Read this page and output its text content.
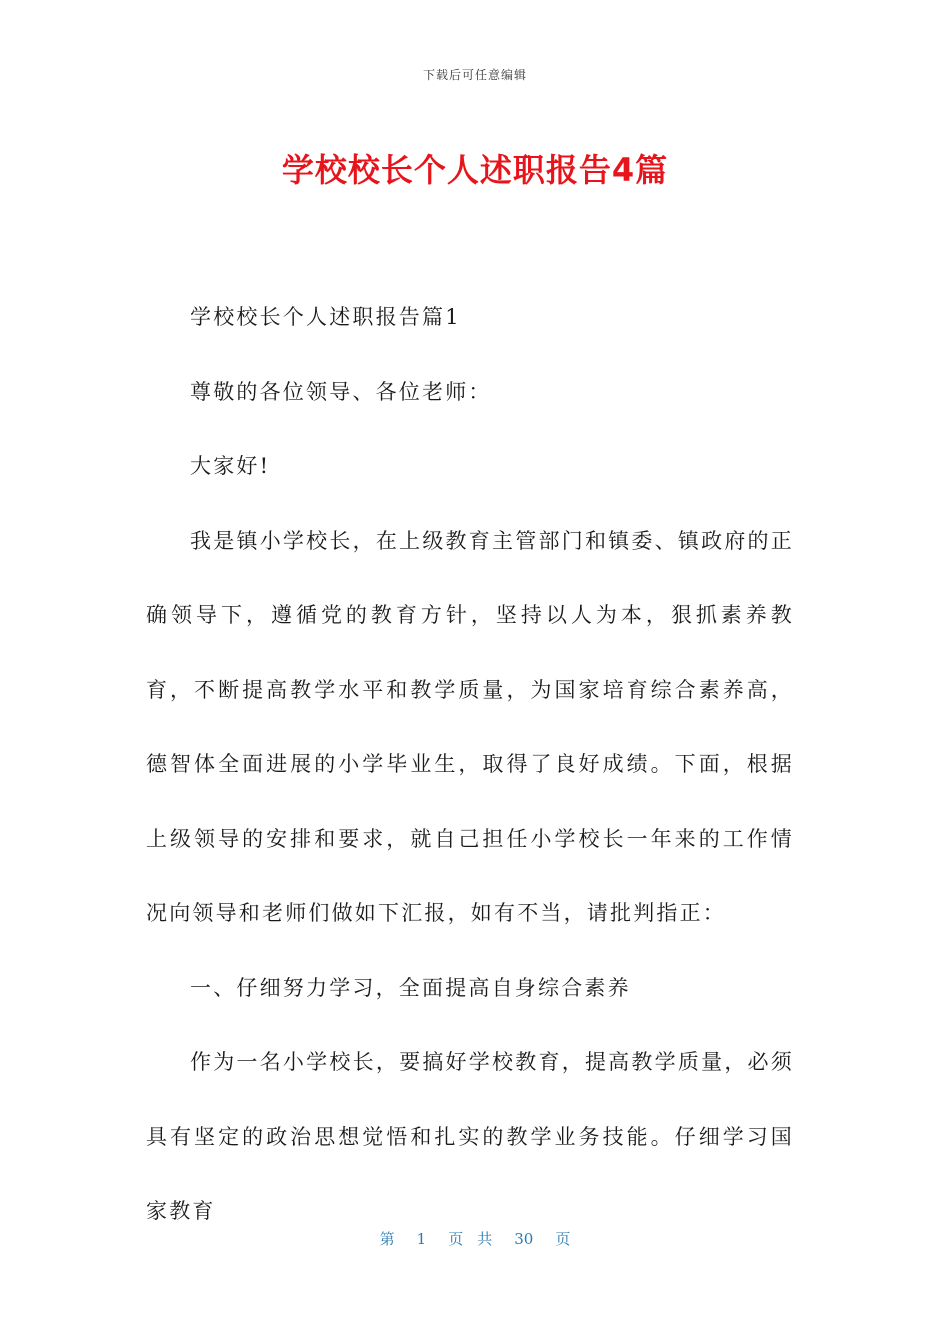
下载后可任意编辑
学校校长个人述职报告4篇

学校校长个人述职报告篇1

尊敬的各位领导、各位老师：

大家好!

我是镇小学校长，在上级教育主管部门和镇委、镇政府的正确领导下，遵循党的教育方针，坚持以人为本，狠抓素养教育，不断提高教学水平和教学质量，为国家培育综合素养高，德智体全面进展的小学毕业生，取得了良好成绩。下面，根据上级领导的安排和要求，就自己担任小学校长一年来的工作情况向领导和老师们做如下汇报，如有不当，请批判指正：

一、仔细努力学习，全面提高自身综合素养

作为一名小学校长，要搞好学校教育，提高教学质量，必须具有坚定的政治思想觉悟和扎实的教学业务技能。仔细学习国家教育

第 1 页 共 30 页
